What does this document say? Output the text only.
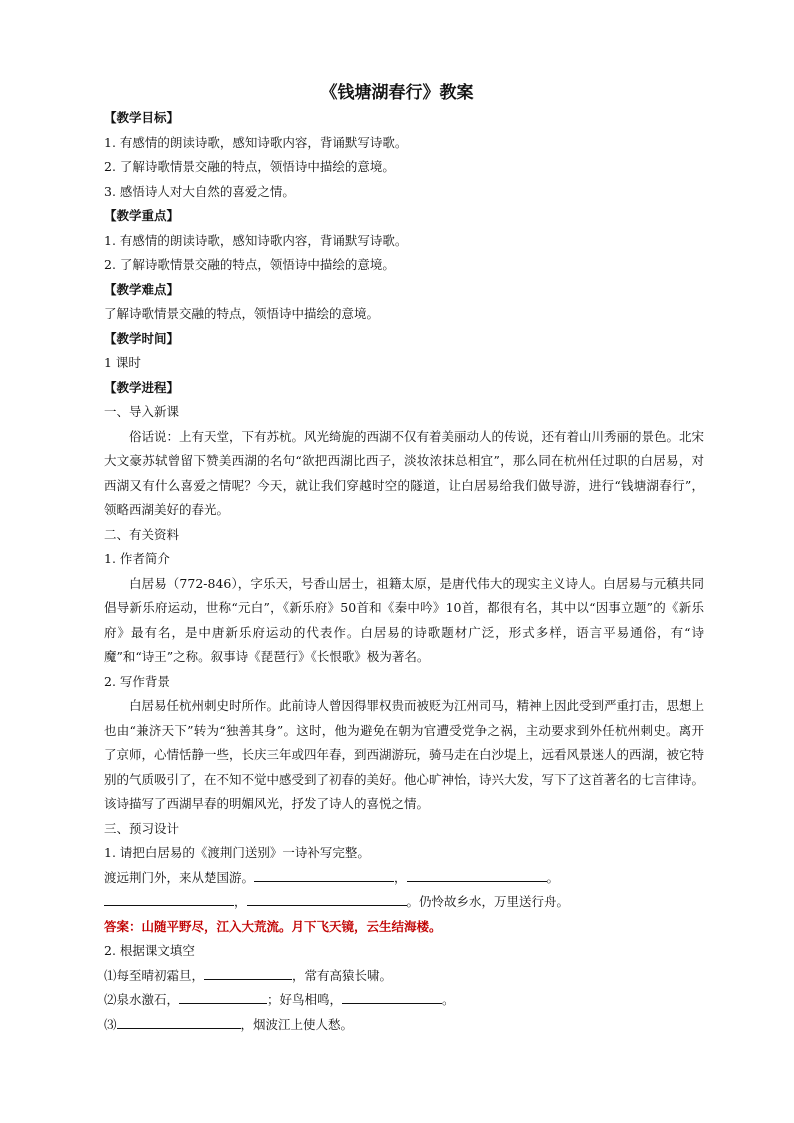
《钱塘湖春行》教案

【教学目标】

1. 有感情的朗读诗歌，感知诗歌内容，背诵默写诗歌。

2. 了解诗歌情景交融的特点，领悟诗中描绘的意境。

3. 感悟诗人对大自然的喜爱之情。

【教学重点】

1. 有感情的朗读诗歌，感知诗歌内容，背诵默写诗歌。

2. 了解诗歌情景交融的特点，领悟诗中描绘的意境。

【教学难点】

了解诗歌情景交融的特点，领悟诗中描绘的意境。

【教学时间】

1 课时

【教学进程】

一、导入新课

俗话说：上有天堂，下有苏杭。风光绮旎的西湖不仅有着美丽动人的传说，还有着山川秀丽的景色。北宋大文豪苏轼曾留下赞美西湖的名句“欲把西湖比西子，淡妆浓抹总相宜”，那么同在杭州任过职的白居易，对西湖又有什么喜爱之情呢？今天，就让我们穿越时空的隧道，让白居易给我们做导游，进行“钱塘湖春行”，领略西湖美好的春光。

二、有关资料

1. 作者简介

白居易（772-846），字乐天，号香山居士，祖籍太原，是唐代伟大的现实主义诗人。白居易与元稹共同倡导新乐府运动，世称“元白”，《新乐府》50首和《秦中吟》10首，都很有名，其中以“因事立题”的《新乐府》最有名，是中唐新乐府运动的代表作。白居易的诗歌题材广泛，形式多样，语言平易通俗，有“诗魔”和“诗王”之称。叙事诗《琵琶行》《长恨歌》极为著名。

2. 写作背景

白居易任杭州刺史时所作。此前诗人曾因得罪权贵而被贬为江州司马，精神上因此受到严重打击，思想上也由“兼济天下”转为“独善其身”。这时，他为避免在朝为官遭受党争之祸，主动要求到外任杭州刺史。离开了京师，心情恬静一些，长庆三年或四年春，到西湖游玩，骑马走在白沙堤上，远看风景迷人的西湖，被它特别的气质吸引了，在不知不觉中感受到了初春的美好。他心旷神怡，诗兴大发，写下了这首著名的七言律诗。该诗描写了西湖早春的明媚风光，抒发了诗人的喜悦之情。

三、预习设计

1. 请把白居易的《渡荆门送别》一诗补写完整。

渡远荆门外，来从楚国游。	，	。

，	。仍怜故乡水，万里送行舟。

答案：山随平野尽，江入大荒流。月下飞天镜，云生结海楼。

2. 根据课文填空

⑴每至晴初霜旦，	，常有高猿长啸。

⑵泉水激石，	；好鸟相鸣，	。

⑶	，烟波江上使人愁。
